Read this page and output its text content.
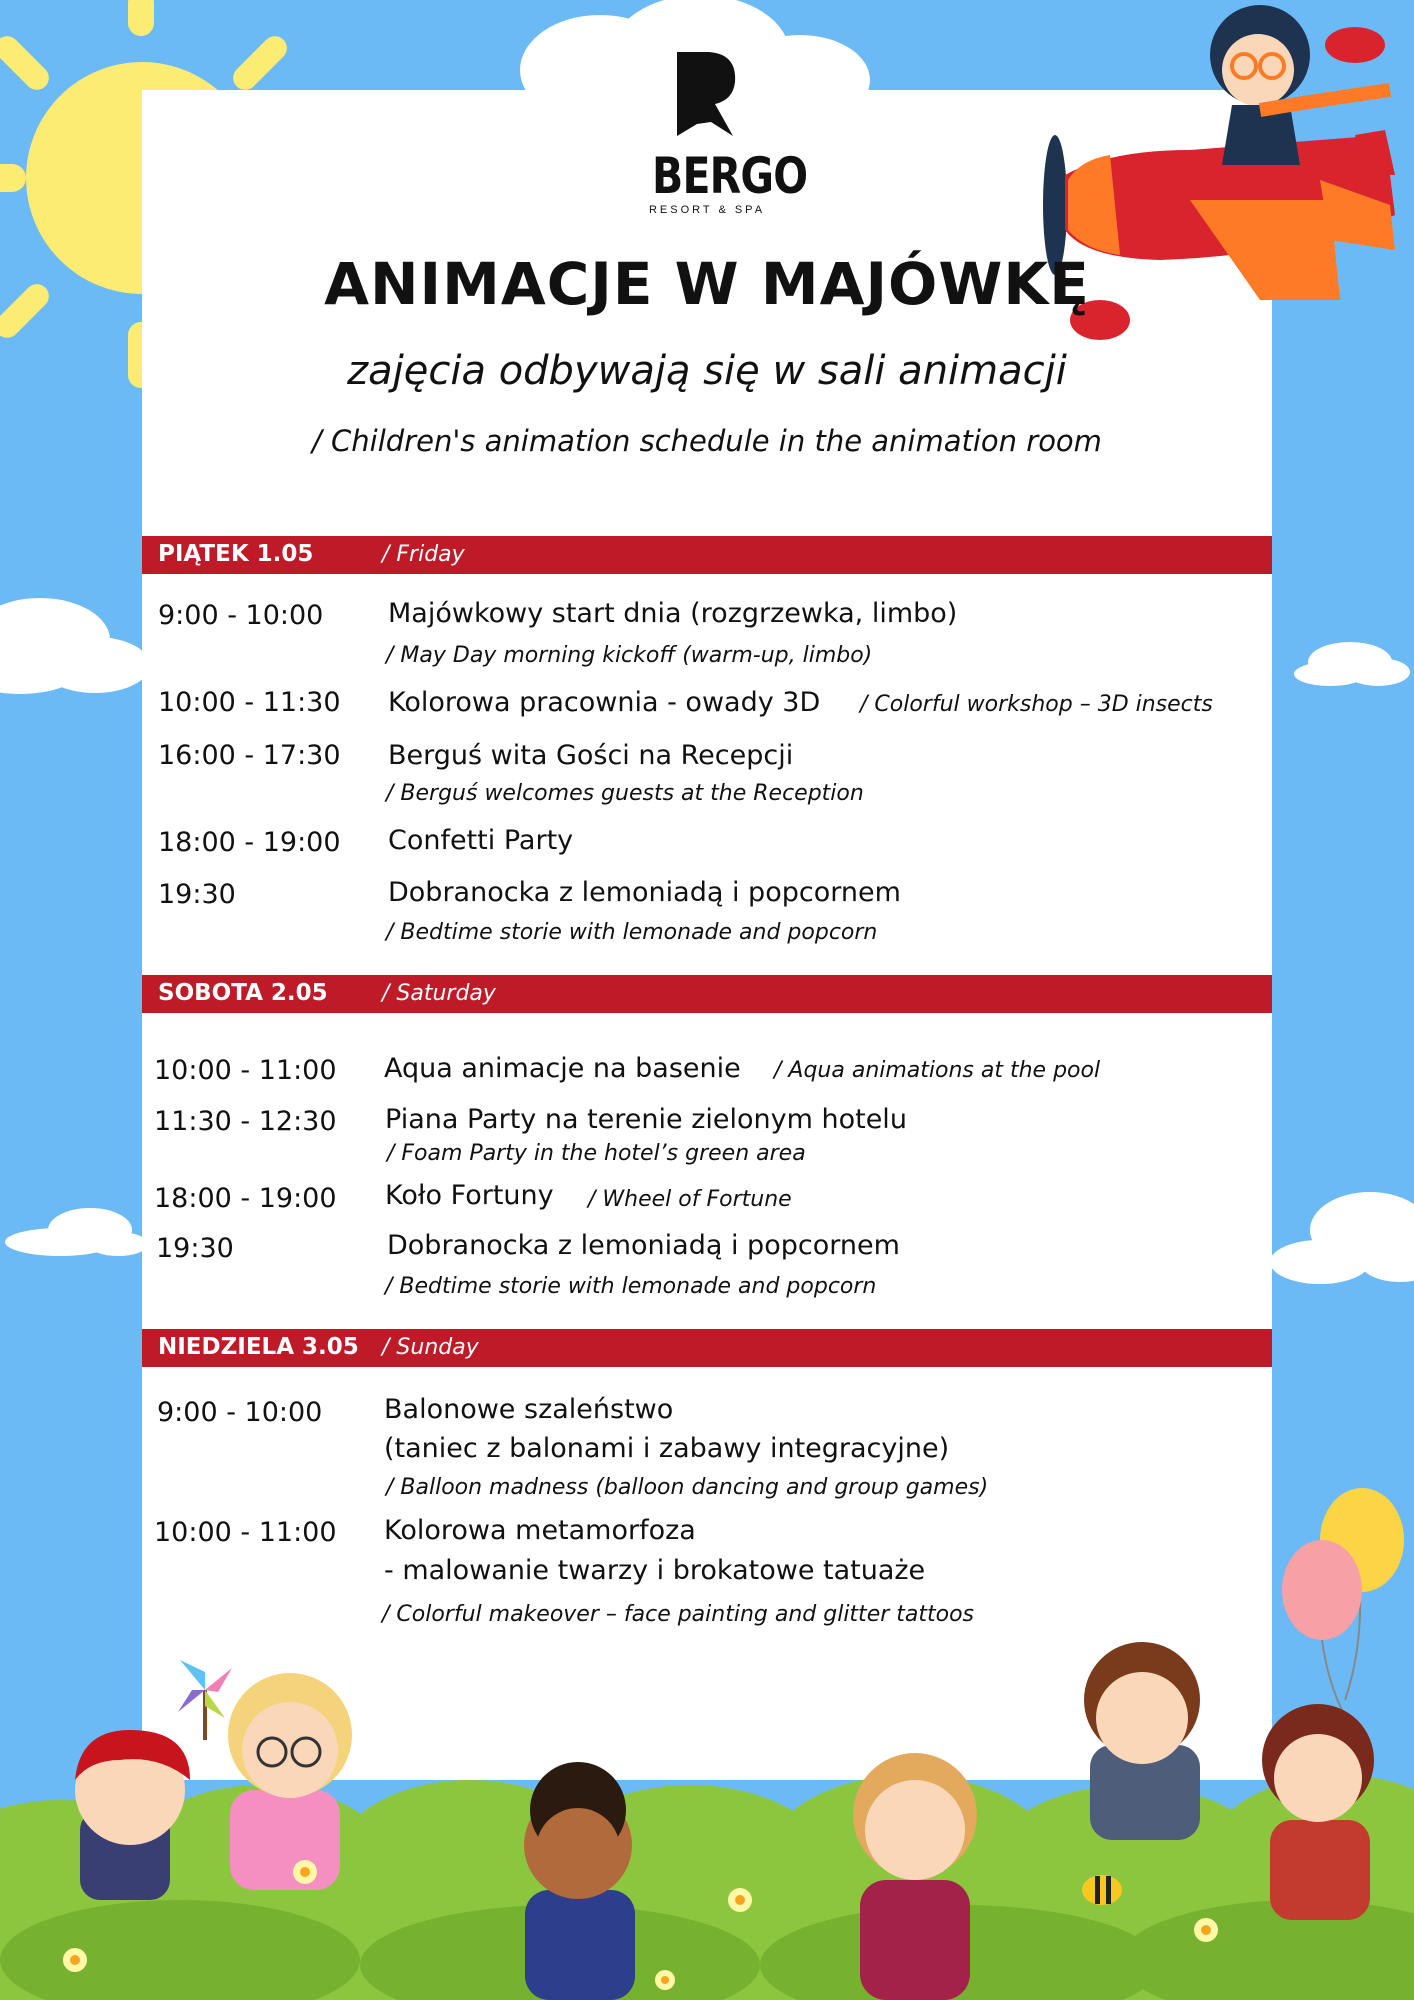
BERGO
RESORT & SPA
ANIMACJE W MAJÓWKĘ
zajęcia odbywają się w sali animacji
/ Children's animation schedule in the animation room
PIĄTEK 1.05	/ Friday
9:00 - 10:00 Majówkowy start dnia (rozgrzewka, limbo)
/ May Day morning kickoff (warm-up, limbo)
10:00 - 11:30 Kolorowa pracownia - owady 3D / Colorful workshop – 3D insects
16:00 - 17:30 Berguś wita Gości na Recepcji
/ Berguś welcomes guests at the Reception
18:00 - 19:00 Confetti Party
19:30	Dobranocka z lemoniadą i popcornem
/ Bedtime storie with lemonade and popcorn
SOBOTA 2.05 / Saturday
10:00 - 11:00 Aqua animacje na basenie / Aqua animations at the pool
11:30 - 12:30 Piana Party na terenie zielonym hotelu
/ Foam Party in the hotel’s green area
18:00 - 19:00 Koło Fortuny / Wheel of Fortune
19:30	Dobranocka z lemoniadą i popcornem
/ Bedtime storie with lemonade and popcorn
NIEDZIELA 3.05 / Sunday
9:00 - 10:00 Balonowe szaleństwo
(taniec z balonami i zabawy integracyjne)
/ Balloon madness (balloon dancing and group games)
10:00 - 11:00 Kolorowa metamorfoza
- malowanie twarzy i brokatowe tatuaże
/ Colorful makeover – face painting and glitter tattoos
